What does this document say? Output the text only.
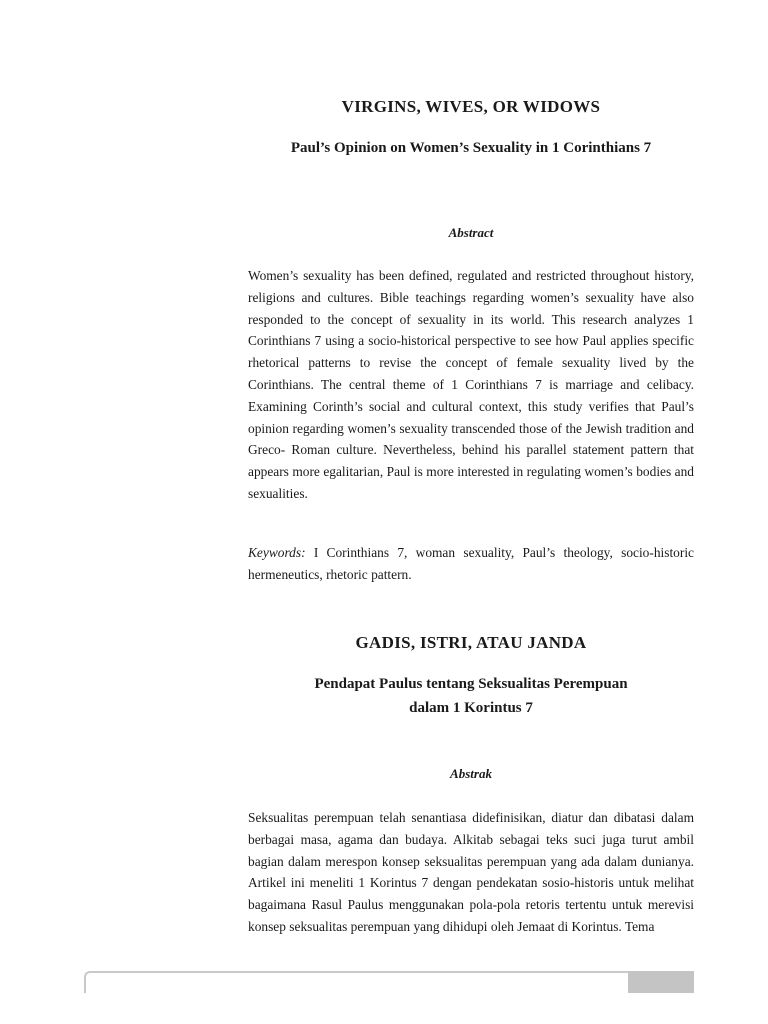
VIRGINS, WIVES, OR WIDOWS
Paul’s Opinion on Women’s Sexuality in 1 Corinthians 7
Abstract

Women’s sexuality has been defined, regulated and restricted throughout history, religions and cultures. Bible teachings regarding women’s sexuality have also responded to the concept of sexuality in its world. This research analyzes 1 Corinthians 7 using a socio-historical perspective to see how Paul applies specific rhetorical patterns to revise the concept of female sexuality lived by the Corinthians. The central theme of 1 Corinthians 7 is marriage and celibacy. Examining Corinth’s social and cultural context, this study verifies that Paul’s opinion regarding women’s sexuality transcended those of the Jewish tradition and Greco- Roman culture. Nevertheless, behind his parallel statement pattern that appears more egalitarian, Paul is more interested in regulating women’s bodies and sexualities.

Keywords: I Corinthians 7, woman sexuality, Paul’s theology, socio-historic hermeneutics, rhetoric pattern.

GADIS, ISTRI, ATAU JANDA
Pendapat Paulus tentang Seksualitas Perempuan
dalam 1 Korintus 7
Abstrak

Seksualitas perempuan telah senantiasa didefinisikan, diatur dan dibatasi dalam berbagai masa, agama dan budaya. Alkitab sebagai teks suci juga turut ambil bagian dalam merespon konsep seksualitas perempuan yang ada dalam dunianya. Artikel ini meneliti 1 Korintus 7 dengan pendekatan sosio-historis untuk melihat bagaimana Rasul Paulus menggunakan pola-pola retoris tertentu untuk merevisi konsep seksualitas perempuan yang dihidupi oleh Jemaat di Korintus. Tema
